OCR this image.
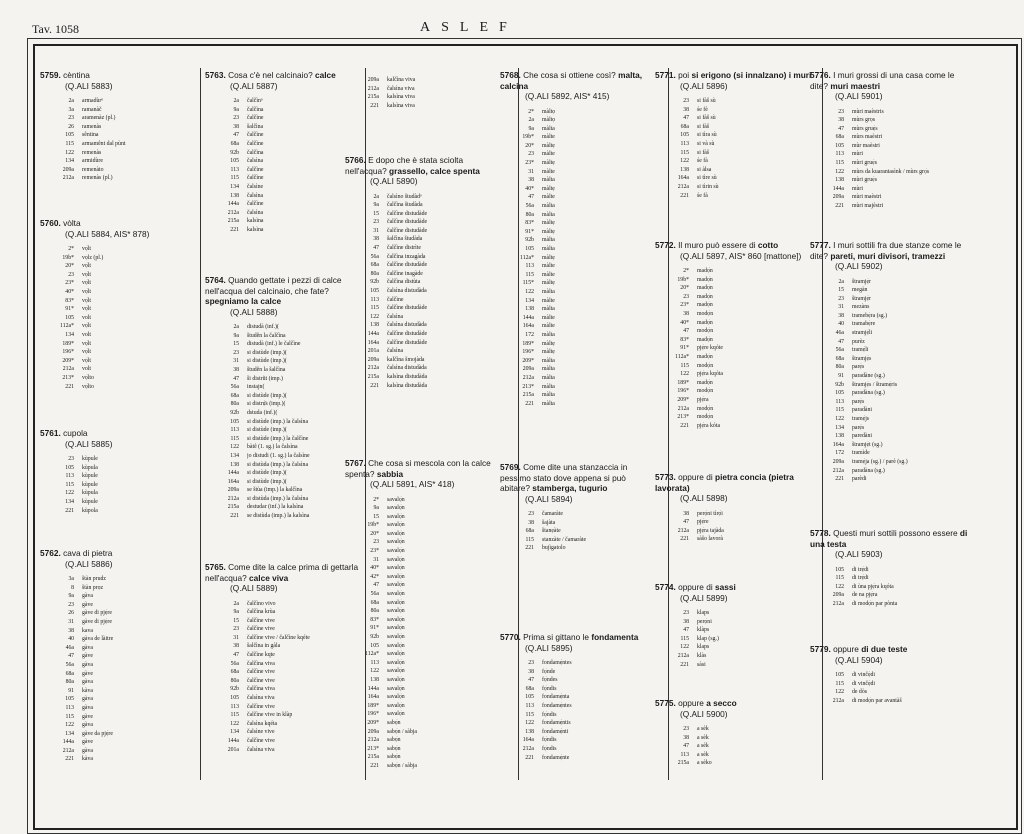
Tav. 1058	ASLEF
5759. cèntina
(Q.ALI 5883)
2a	armadùrᵒ
3a	ramanàč
23	aramenàz (pl.)
26	ramenàs
105	sḗntina
115	armamḗnt dal pùnt
122	remenàs
134	armidùre
209a	remenàto
212a	remenàs (pl.)
5760. vòlta
(Q.ALI 5884, AIS* 878)
2*	vọ̀lt
19b*	vọlz (pl.)
20*	vọ̀lt
23	vọ̀lt
23*	vọ̀lt
40*	vọ̀lt
83*	vọ̀lt
91*	vọ̀lt
105	volt
112a*	vọ̀lt
134	volt
189*	vọ̀lt
196*	vọ̀lt
209*	vọ̀lt
212a	volt
213*	vọ̀lto
221	vọ̀lto
5761. cupola
(Q.ALI 5885)
23	kùpule
105	kùpula
113	kùpule
115	kùpule
122	kùpula
134	kùpule
221	kùpola
5762. cava di pietra
(Q.ALI 5886)
3a	štàn prudz
8	štàn prọz
9a	gàva
23	gàve
26	gàve di pjẹ́re
31	gàve di pjẹ́re
38	kava
40	gàva de làitre
46a	gàva
47	gàve
56a	gàva
68a	gàve
80a	gàva
91	kàva
105	gàva
113	gàva
115	gàve
122	gàva
134	gàve da pjẹ́re
144a	gàve
212a	gàva
221	kàva
5763. Cosa c'è nel calcinaio? calce
(Q.ALI 5887)
2a	čalčìnᵒ
9a	čalčìna
23	čalčìne
38	šalčìna
47	čalčìne
68a	čalčìne
92b	čalčìna
105	čalsìna
113	čalčìne
115	čalčìne
134	čalsìne
138	čalsìna
144a	čalčìne
212a	čalsìna
215a	kalsìna
221	kalsìna
5764. Quando gettate i pezzi di calce nell'acqua del calcinaio, che fate? spegniamo la calce
(Q.ALI 5888)
2a	distudà (inf.)(
9a	študḗn la čalčìna
15	distudà (inf.) le čalčìne
23	si distùde (imp.)(
31	si distùde (imp.)(
38	študḗn la šalčìna
47	ši distrṹt (imp.)
56a	instajn(
68a	si distùde (imp.)(
80a	si distrụ̄́s (imp.)(
92b	dstuda (inf.)(
105	si distùde (imp.) la čalsìna
113	si distùde (imp.)(
115	si distùde (imp.) la čalčìne
122	bàtḗ (1. sg.) la čalsìna
134	jo distudi (1. sg.) la čalsìne
138	si distùda (imp.) la čalsìna
144a	si distùde (imp.)(
164a	si distùde (imp.)(
209a	se štùa (imp.) la kalčìna
212a	si distùda (imp.) la čalsìna
215a	destudar (inf.) la kalsìna
221	se distùda (imp.) la kalsìna
5765. Come dite la calce prima di gettarla nell'acqua? calce viva
(Q.ALI 5889)
2a	čalčìno vivo
9a	čalčìna krùa
15	čalčìne vive
23	čalčìne vive
31	čalčìne vive / čalčìne kqéte
38	šalčìna in gàla
47	čalčìne kqte
56a	čalčìna viva
68a	čalčìne vive
80a	čalčìne vive
92b	čalčìna viva
105	čalsìna viva
113	čalčìne vive
115	čalčìne vive in klàp
122	čalsìna kqéta
134	čalsìne vive
144a	čalčìne vive
201a	čalsìna viva
209a	kalčìna viva
212a	čalsìna viva
215a	kalsìna viva
221	kalsìna viva
5766. E dopo che è stata sciolta nell'acqua? grassello, calce spenta
(Q.ALI 5890)
2a	čalsìno študàdᵒ
9a	čalčìna študàda
15	čalčìne distudàde
23	čalčìne distudàde
31	čalčìne distudàde
38	šalčìna študàda
47	čalčìne distrìte
56a	čalčìna inzagàda
68a	čalčìne distudàde
80a	čalčìne inagàde
92b	čalčìna distùta
105	čalsìna distudàda
113	čalčìne
115	čalčìne distudàde
122	čalsìna
138	čalsìna distudàda
144a	čalčìne distudàde
164a	čalčìne distudàde
201a	čalsìna
209a	kalčìna šmojàda
212a	čalsìna distudàda
215a	kalsìna distudàda
221	kalsìna distudàda
5767. Che cosa si mescola con la calce spenta? sabbia
(Q.ALI 5891, AIS* 418)
2*	savalọ̀n
9a	savalọ̀n
15	savalọ̀n
19b*	savalọ̀n
20*	savalọ̀n
23	savalọ̀n
23*	savalọ̀n
31	savalọ̀n
40*	savalọ̀n
42*	savalọ̀n
47	savalọ̀n
56a	savalọ̀n
68a	savalọ̀n
80a	savalọ̀n
83*	savalọ̀n
91*	savalọ̀n
92b	savalọ̀n
105	savalọ̀n
112a*	savalọ̀n
113	savalọ̀n
122	savalọ̀n
138	savalọ̀n
144a	savalọ̀n
164a	savalọ̀n
189*	savalọ̀n
196*	savalọ̀n
209*	sabọ̀n
209a	sabọ̀n / sàbja
212a	sabọ̀n
213*	sabọ̀n
215a	sabọ̀n
221	sabọ̀n / sàbja
5768. Che cosa si ottiene così? malta, calcina
(Q.ALI 5892, AIS* 415)
2*	màltọ
2a	màltọ
9a	màlta
19b*	màlte
20*	màltẹ
23	màlte
23*	màltẹ
31	màlte
38	màlta
40*	màltẹ
47	màlte
56a	màlta
80a	màlta
83*	màltẹ
91*	màltẹ
92b	màlta
105	màlta
112a*	màltẹ
113	màlte
115	màlte
115*	màltẹ
122	màlta
134	màlte
138	màlta
144a	màlte
164a	màlte
172	màlta
189*	màltẹ
196*	màltẹ
209*	màlta
209a	màlta
212a	màlta
213*	màlta
215a	màlta
221	màlta
5769. Come dite una stanzaccia in pessimo stato dove appena si può abitare? stamberga, tugurio
(Q.ALI 5894)
23	čamaràte
38	šajàta
68a	štanẹàte
115	stanzàte / čamaràte
221	bujìgatolo
5770. Prima si gittano le fondamenta
(Q.ALI 5895)
23	fondamẹ́ntes
38	fọ̀nde
47	fọ̀ndes
68a	fọ̀ndis
105	fondamẹ́nta
113	fondamẹ́ntes
115	fọ̀ndis
122	fondamẹ́ntis
138	fondamẹ́nti
164a	fọ̀ndis
212a	fọ̀ndis
221	fondamẹ́nte
5771. poi si erigono (si innalzano) i muri
(Q.ALI 5896)
23	si fàš sù
38	śe fè
47	si fàš sù
68a	si fàš
105	si tìra sù
113	si và sù
115	si fàš
122	śe fà
138	si àlsa
164a	si tìre sù
212a	si tìrin sù
221	śe fà
5772. Il muro può essere di cotto
(Q.ALI 5897, AIS* 860 [mattone])
2*	madọ̀n
19b*	madọ̀n
20*	madọ̀n
23	madọ̀n
23*	madọ̀n
38	modọ̀n
40*	madọ̀n
47	modọ̀n
83*	madọ̀n
91*	pjẹ́re kqóte
112a*	madọ̀n
115	modọ̀n
122	pjẹ̀ra kqóta
189*	madọ̀n
196*	modọ̀n
209*	pjẹ̀ra
212a	modọ̀n
213*	modọ̀n
221	pjẹ̀ra kóta
5773. oppure di pietra concia (pietra lavorata)
(Q.ALI 5898)
38	perọ́ni tìrọ̀i
47	pjẹ́re
212a	pjẹ̀ra tajàda
221	sàšo lavorà
5774. oppure di sassi
(Q.ALI 5899)
23	klaps
38	perọ́ni
47	klàps
115	klap (sg.)
122	klaps
212a	klàs
221	sàsi
5775. oppure a secco
(Q.ALI 5900)
23	a sèk
38	a sèk
47	a sèk
113	a sèk
215a	a sèko
5776. I muri grossi di una casa come le dite? muri maestri
(Q.ALI 5901)
23	mùri maèstris
38	mùrs grọs
47	mùrs gruẹ́s
68a	mùrs maèstri
105	mùr maèstri
113	mùri
115	mùri gruẹ́s
122	mùrs da kuarantasìnk / mùrs grọ̀s
138	mùri gruẹ́s
144a	mùri
209a	mùri maèstri
221	mùri majèstri
5777. I muri sottili fra due stanze come le dite? pareti, muri divisori, tramezzi
(Q.ALI 5902)
2a	štramjẹ́r
15	megàn
23	štramjẹ́r
31	mezàns
38	tramebẹ́ra (sg.)
40	tramabẹ́re
46a	stramjẹ́li
47	purèz
56a	tramẹ́li
68a	štramjẹ́s
80a	parẹ́s
91	paradàne (sg.)
92b	štramjẹ́s / štramẹ́ris
105	paradàna (sg.)
113	parẹ́s
115	paradàni
122	tramẹ́js
134	parẹ́s
138	paredàni
164a	štramjẹ́t (sg.)
172	tramìde
209a	tramẹ́ja (sg.) / parè (sg.)
212a	paradàna (sg.)
221	parèdi
5778. Questi muri sottili possono essere di una testa
(Q.ALI 5903)
105	di trẹ́di
115	di trẹ́di
122	di ùna pjẹ̀ra kqóta
209a	de na pjẹ̀ra
212a	di modọ̀n par pònta
5779. oppure di due teste
(Q.ALI 5904)
105	di vinčẹ́di
115	di vinčẹ́di
122	de dòs
212a	di modọ̀n par avantàš
